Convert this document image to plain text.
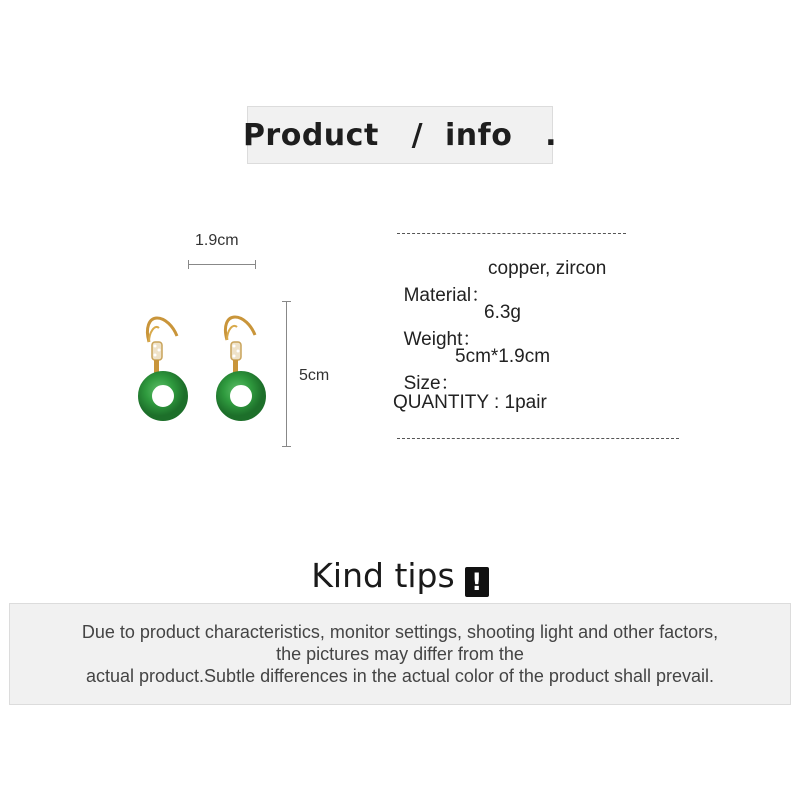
Product
/
info
.
1.9cm
5cm

Material：

copper, zircon

Weight：

6.3g

Size：

5cm*1.9cm

QUANTITY : 1pair
Kind tips !
Due to product characteristics, monitor settings, shooting light and other factors,
the pictures may differ from the
actual product.Subtle differences in the actual color of the product shall prevail.
